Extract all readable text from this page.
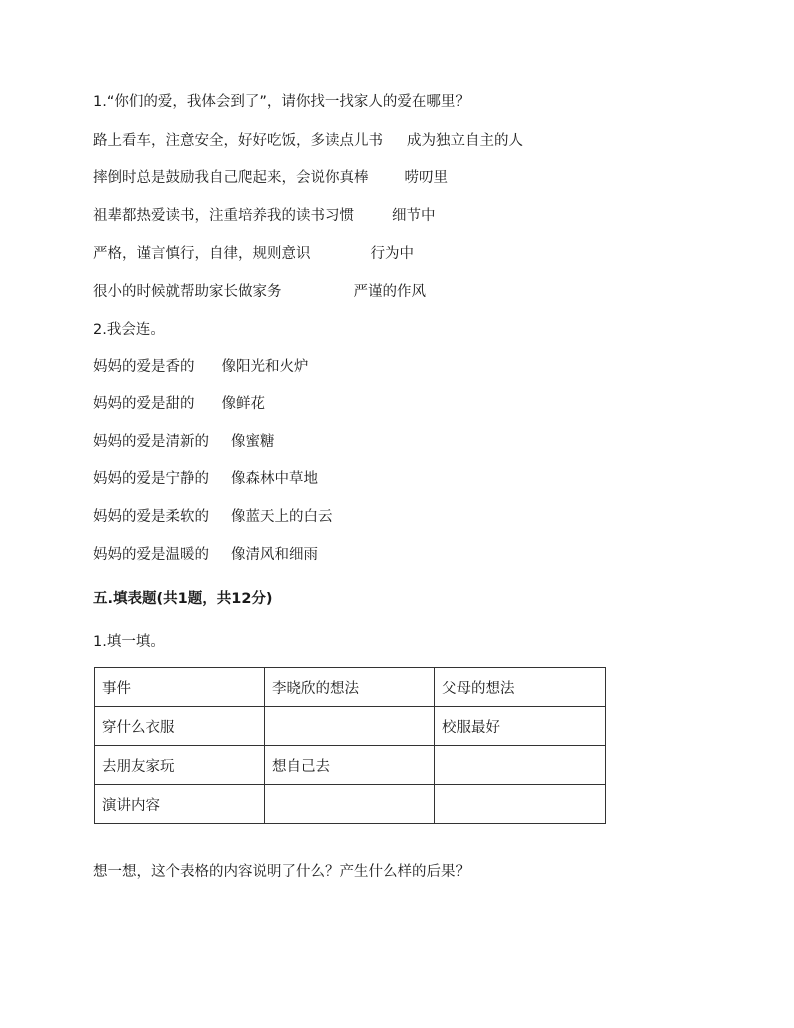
1.“你们的爱，我体会到了”，请你找一找家人的爱在哪里？
路上看车，注意安全，好好吃饭，多读点儿书 成为独立自主的人
摔倒时总是鼓励我自己爬起来，会说你真棒 唠叨里
祖辈都热爱读书，注重培养我的读书习惯	细节中
严格，谨言慎行，自律，规则意识	行为中
很小的时候就帮助家长做家务	严谨的作风
2.我会连。
妈妈的爱是香的 像阳光和火炉
妈妈的爱是甜的 像鲜花
妈妈的爱是清新的 像蜜糖
妈妈的爱是宁静的 像森林中草地
妈妈的爱是柔软的 像蓝天上的白云
妈妈的爱是温暖的 像清风和细雨
五.填表题(共1题，共12分)
1.填一填。
事件	李晓欣的想法	父母的想法
穿什么衣服		校服最好
去朋友家玩	想自己去	
演讲内容		
想一想，这个表格的内容说明了什么？产生什么样的后果？
